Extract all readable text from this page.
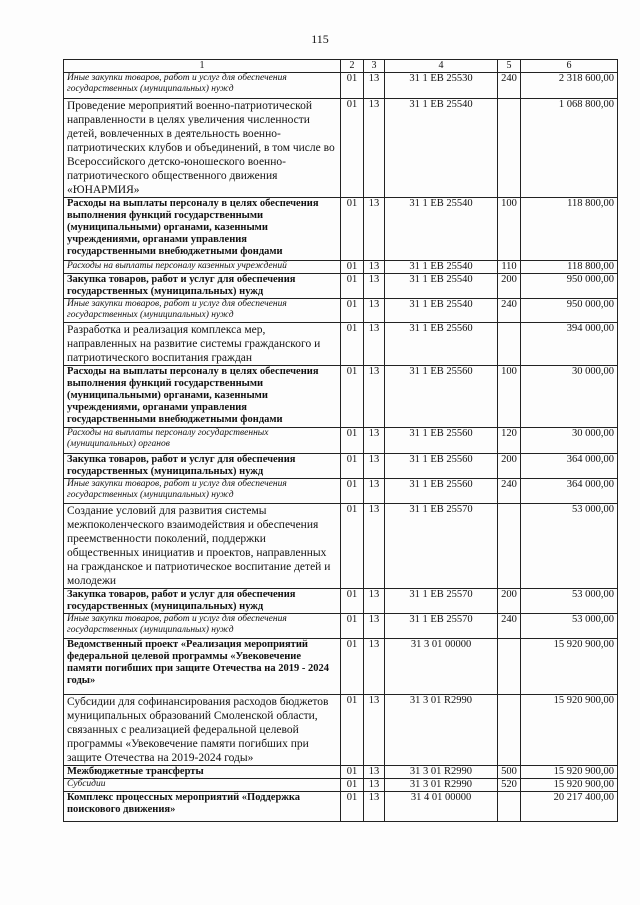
115
1	2	3	4	5	6
Иные закупки товаров, работ и услуг для обеспечения государственных (муниципальных) нужд	01	13	31 1 ЕВ 25530	240	2 318 600,00
Проведение мероприятий военно-патриотической направленности в целях увеличения численности детей, вовлеченных в деятельность военно-патриотических клубов и объединений, в том числе во Всероссийского детско-юношеского военно-патриотического общественного движения «ЮНАРМИЯ»	01	13	31 1 ЕВ 25540		1 068 800,00
Расходы на выплаты персоналу в целях обеспечения выполнения функций государственными (муниципальными) органами, казенными учреждениями, органами управления государственными внебюджетными фондами	01	13	31 1 ЕВ 25540	100	118 800,00
Расходы на выплаты персоналу казенных учреждений	01	13	31 1 ЕВ 25540	110	118 800,00
Закупка товаров, работ и услуг для обеспечения государственных (муниципальных) нужд	01	13	31 1 ЕВ 25540	200	950 000,00
Иные закупки товаров, работ и услуг для обеспечения государственных (муниципальных) нужд	01	13	31 1 ЕВ 25540	240	950 000,00
Разработка и реализация комплекса мер, направленных на развитие системы гражданского и патриотического воспитания граждан	01	13	31 1 ЕВ 25560		394 000,00
Расходы на выплаты персоналу в целях обеспечения выполнения функций государственными (муниципальными) органами, казенными учреждениями, органами управления государственными внебюджетными фондами	01	13	31 1 ЕВ 25560	100	30 000,00
Расходы на выплаты персоналу государственных (муниципальных) органов	01	13	31 1 ЕВ 25560	120	30 000,00
Закупка товаров, работ и услуг для обеспечения государственных (муниципальных) нужд	01	13	31 1 ЕВ 25560	200	364 000,00
Иные закупки товаров, работ и услуг для обеспечения государственных (муниципальных) нужд	01	13	31 1 ЕВ 25560	240	364 000,00
Создание условий для развития системы межпоколенческого взаимодействия и обеспечения преемственности поколений, поддержки общественных инициатив и проектов, направленных на гражданское и патриотическое воспитание детей и молодежи	01	13	31 1 ЕВ 25570		53 000,00
Закупка товаров, работ и услуг для обеспечения государственных (муниципальных) нужд	01	13	31 1 ЕВ 25570	200	53 000,00
Иные закупки товаров, работ и услуг для обеспечения государственных (муниципальных) нужд	01	13	31 1 ЕВ 25570	240	53 000,00
Ведомственный проект «Реализация мероприятий федеральной целевой программы «Увековечение памяти погибших при защите Отечества на 2019 - 2024 годы»	01	13	31 3 01 00000		15 920 900,00
Субсидии для софинансирования расходов бюджетов муниципальных образований Смоленской области, связанных с реализацией федеральной целевой программы «Увековечение памяти погибших при защите Отечества на 2019-2024 годы»	01	13	31 3 01 R2990		15 920 900,00
Межбюджетные трансферты	01	13	31 3 01 R2990	500	15 920 900,00
Субсидии	01	13	31 3 01 R2990	520	15 920 900,00
Комплекс процессных мероприятий «Поддержка поискового движения»	01	13	31 4 01 00000		20 217 400,00
